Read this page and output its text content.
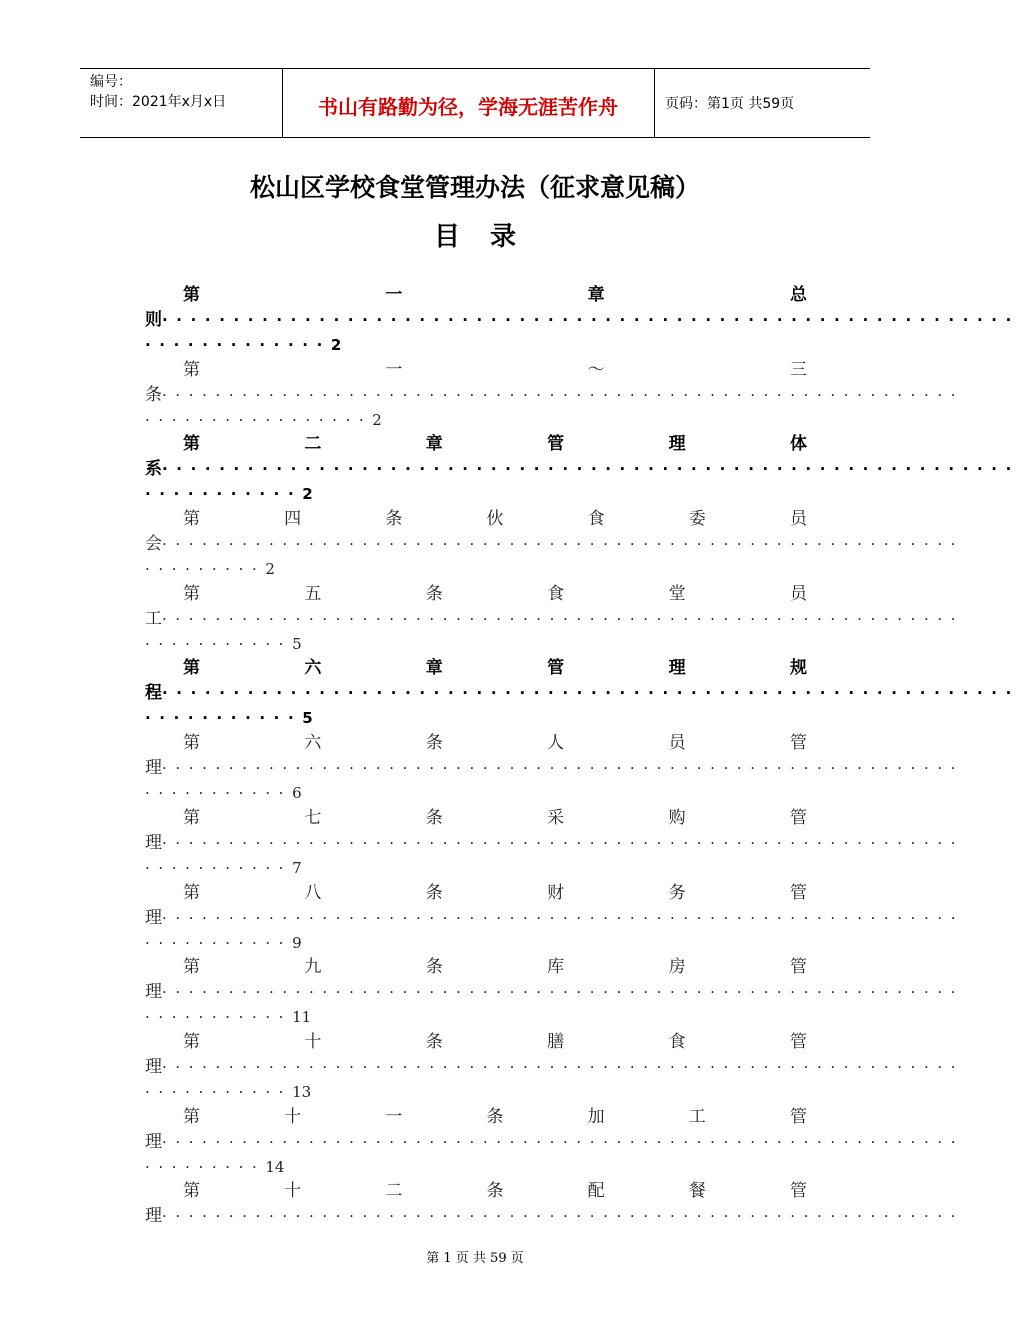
编号：
时间：2021年x月x日	书山有路勤为径，学海无涯苦作舟	页码：第1页 共59页
松山区学校食堂管理办法（征求意见稿）
目录
第	一	章	总
则 ····························································
·············2
第	一	～	三
条 ····························································
·················2
第	二	章	管	理	体
系 ····························································
···········2
第	四	条	伙	食	委	员
会 ····························································
·········2
第	五	条	食	堂	员
工 ····························································
···········5
第	六	章	管	理	规
程 ····························································
···········5
第	六	条	人	员	管
理 ····························································
···········6
第	七	条	采	购	管
理 ····························································
···········7
第	八	条	财	务	管
理 ····························································
···········9
第	九	条	库	房	管
理 ····························································
···········11
第	十	条	膳	食	管
理 ····························································
···········13
第	十	一	条	加	工	管
理 ····························································
·········14
第	十	二	条	配	餐	管
理 ····························································
第 1 页 共 59 页
